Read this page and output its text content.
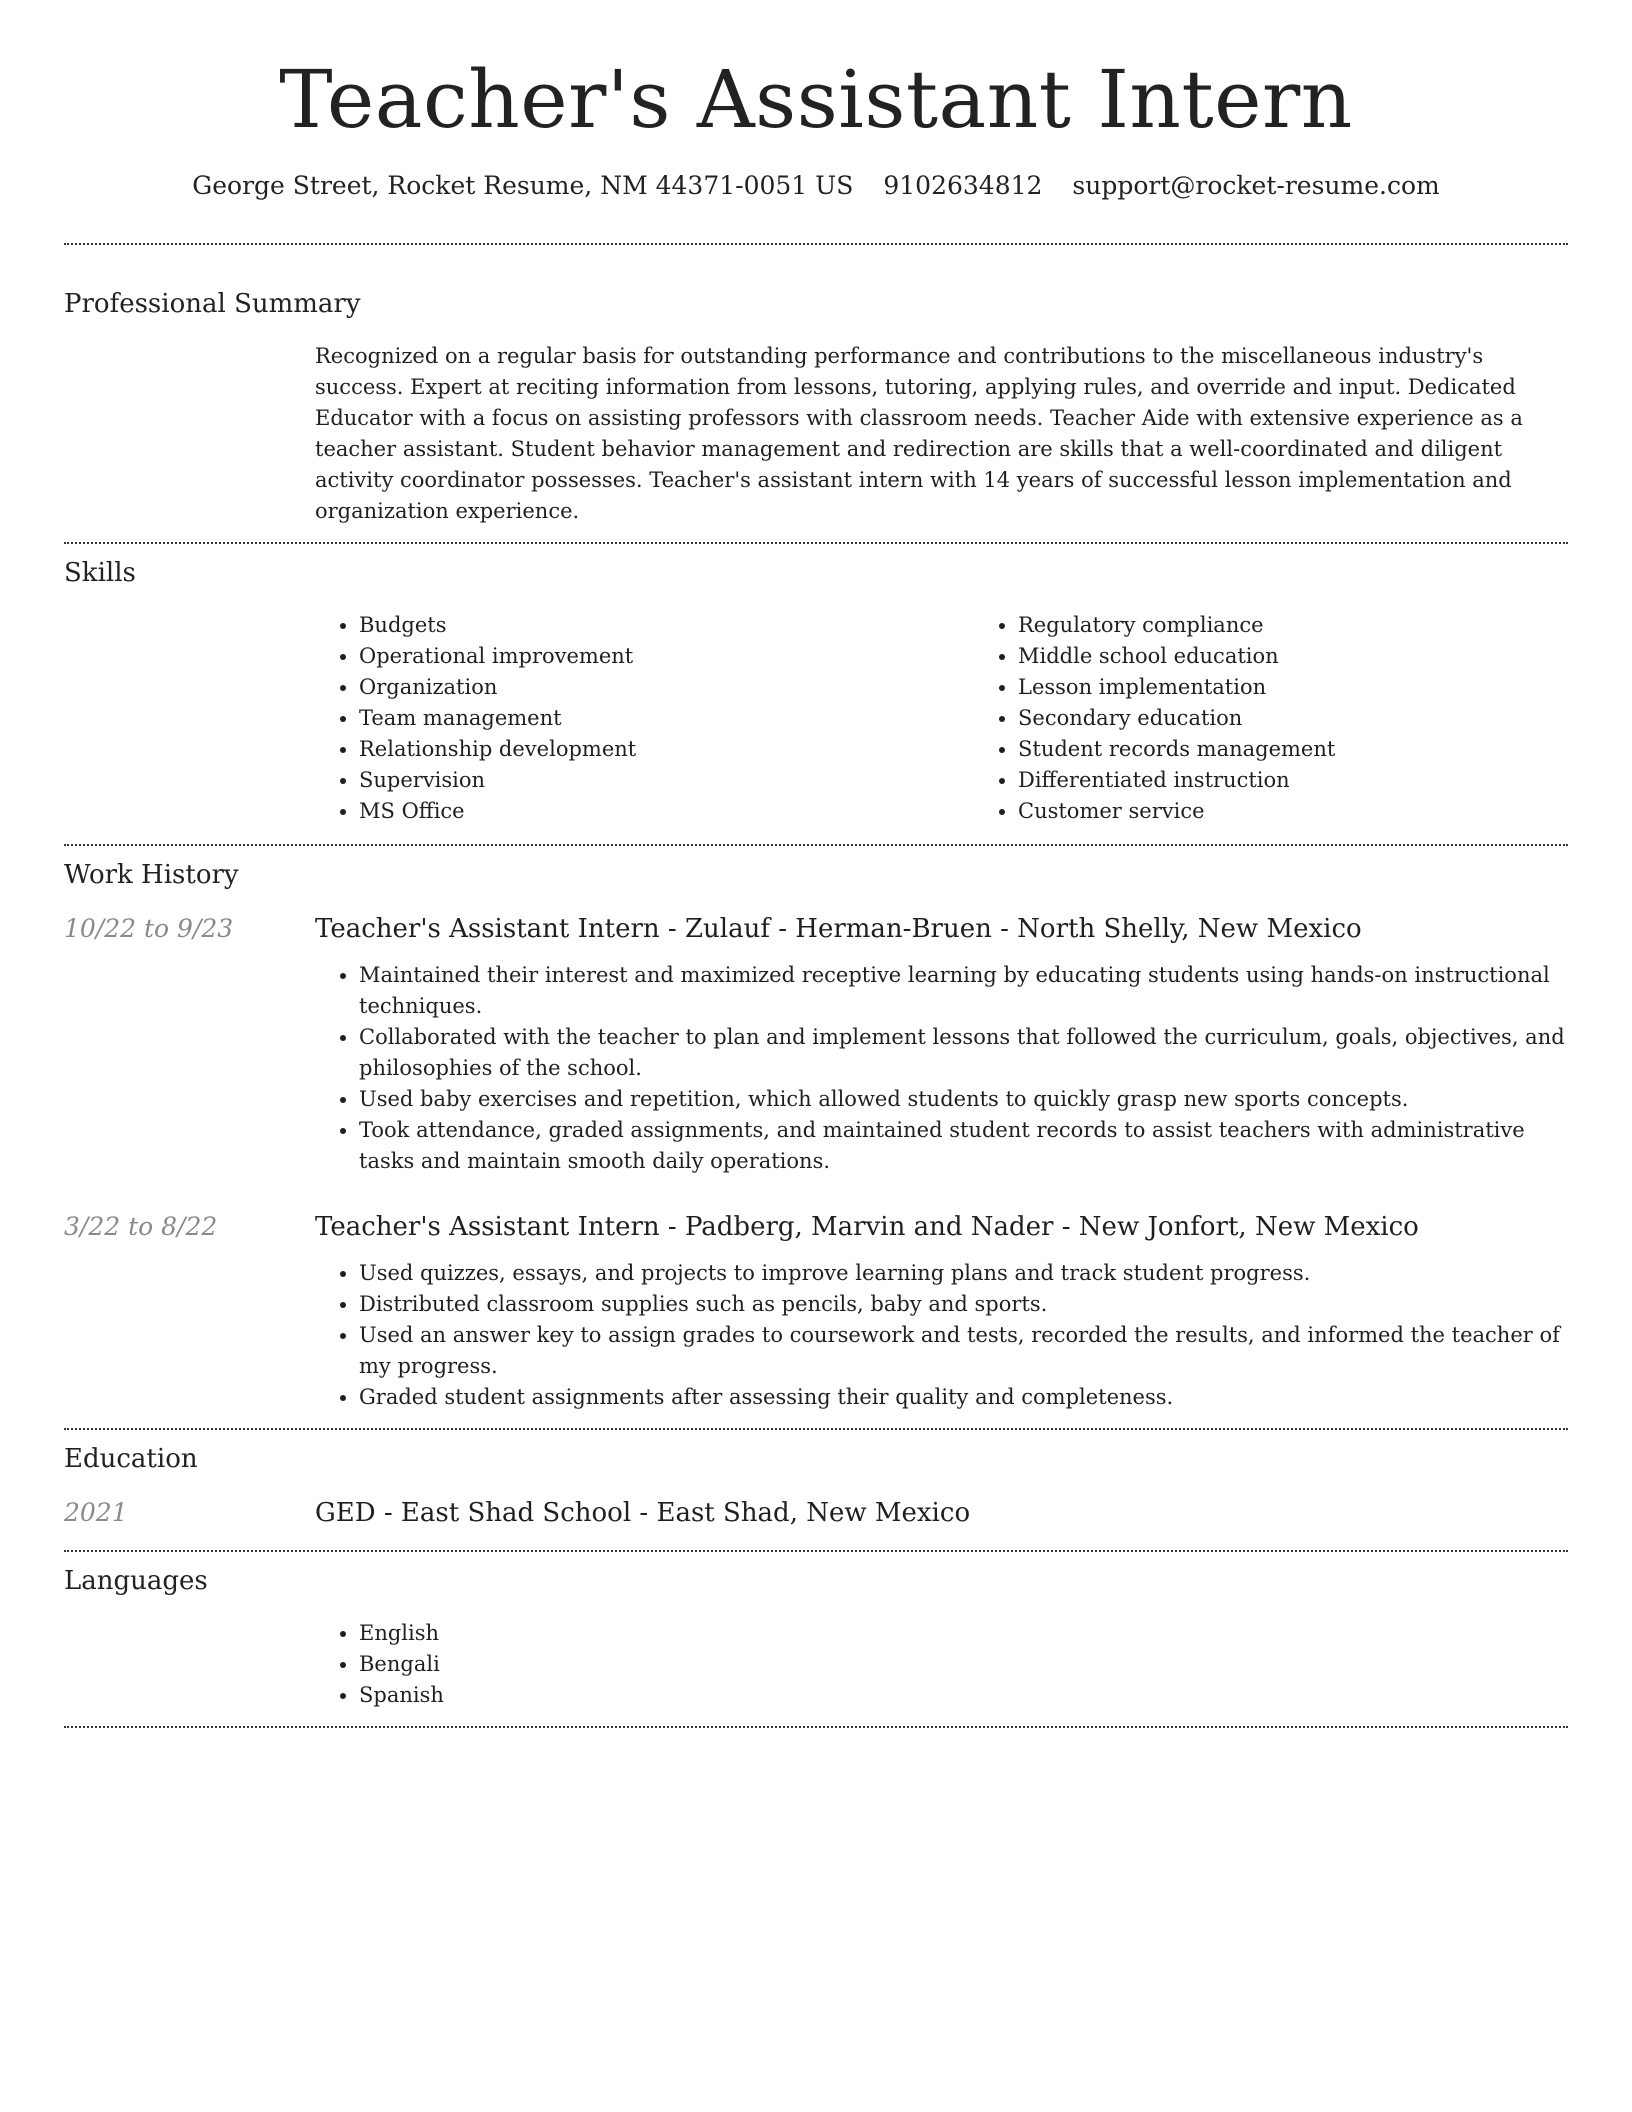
Teacher's Assistant Intern
George Street, Rocket Resume, NM 44371-0051 US 9102634812 support@rocket-resume.com
Professional Summary

Recognized on a regular basis for outstanding performance and contributions to the miscellaneous industry's success. Expert at reciting information from lessons, tutoring, applying rules, and override and input. Dedicated Educator with a focus on assisting professors with classroom needs. Teacher Aide with extensive experience as a teacher assistant. Student behavior management and redirection are skills that a well-coordinated and diligent activity coordinator possesses. Teacher's assistant intern with 14 years of successful lesson implementation and organization experience.

Skills
• Budgets
• Operational improvement
• Organization
• Team management
• Relationship development
• Supervision
• MS Office
• Regulatory compliance
• Middle school education
• Lesson implementation
• Secondary education
• Student records management
• Differentiated instruction
• Customer service
Work History
10/22 to 9/23	Teacher's Assistant Intern - Zulauf - Herman-Bruen - North Shelly, New Mexico
• Maintained their interest and maximized receptive learning by educating students using hands-on instructional techniques.
• Collaborated with the teacher to plan and implement lessons that followed the curriculum, goals, objectives, and philosophies of the school.
• Used baby exercises and repetition, which allowed students to quickly grasp new sports concepts.
• Took attendance, graded assignments, and maintained student records to assist teachers with administrative tasks and maintain smooth daily operations.
3/22 to 8/22	Teacher's Assistant Intern - Padberg, Marvin and Nader - New Jonfort, New Mexico
• Used quizzes, essays, and projects to improve learning plans and track student progress.
• Distributed classroom supplies such as pencils, baby and sports.
• Used an answer key to assign grades to coursework and tests, recorded the results, and informed the teacher of my progress.
• Graded student assignments after assessing their quality and completeness.
Education
2021	GED - East Shad School - East Shad, New Mexico
Languages
• English
• Bengali
• Spanish
